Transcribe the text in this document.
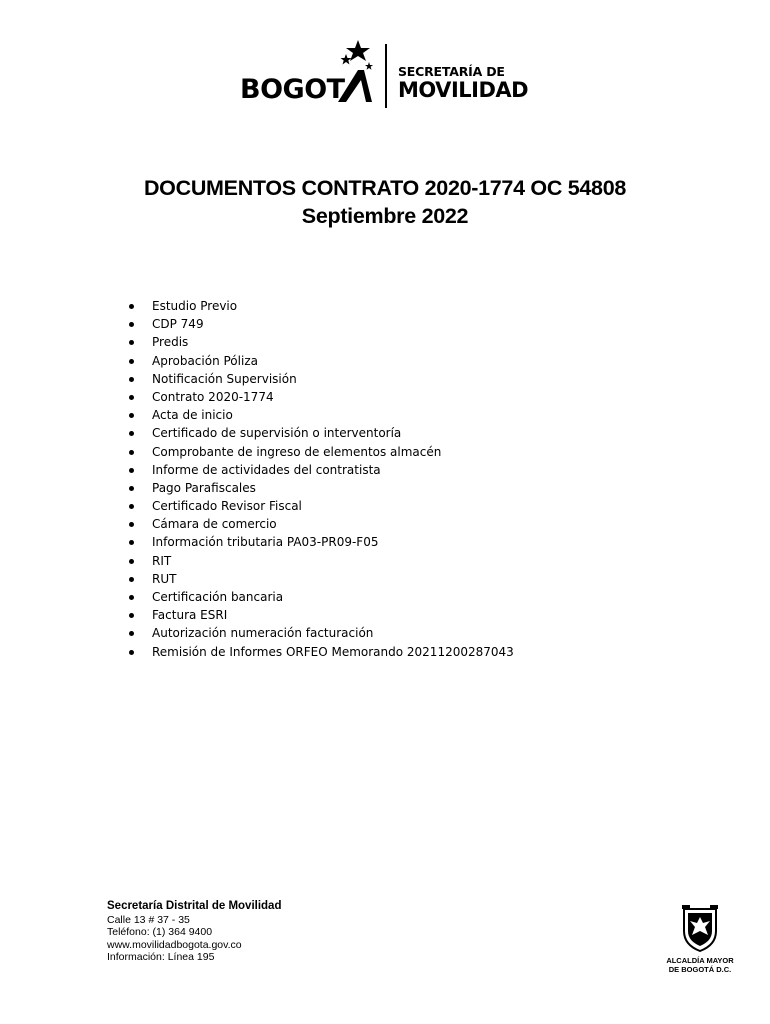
BOGOT
SECRETARÍA DE
MOVILIDAD
DOCUMENTOS CONTRATO 2020-1774 OC 54808
Septiembre 2022
Estudio Previo
CDP 749
Predis
Aprobación Póliza
Notificación Supervisión
Contrato 2020-1774
Acta de inicio
Certificado de supervisión o interventoría
Comprobante de ingreso de elementos almacén
Informe de actividades del contratista
Pago Parafiscales
Certificado Revisor Fiscal
Cámara de comercio
Información tributaria PA03-PR09-F05
RIT
RUT
Certificación bancaria
Factura ESRI
Autorización numeración facturación
Remisión de Informes ORFEO Memorando 20211200287043
Secretaría Distrital de Movilidad
Calle 13 # 37 - 35
Teléfono: (1) 364 9400
www.movilidadbogota.gov.co
Información: Línea 195	ALCALDÍA MAYOR
DE BOGOTÁ D.C.
